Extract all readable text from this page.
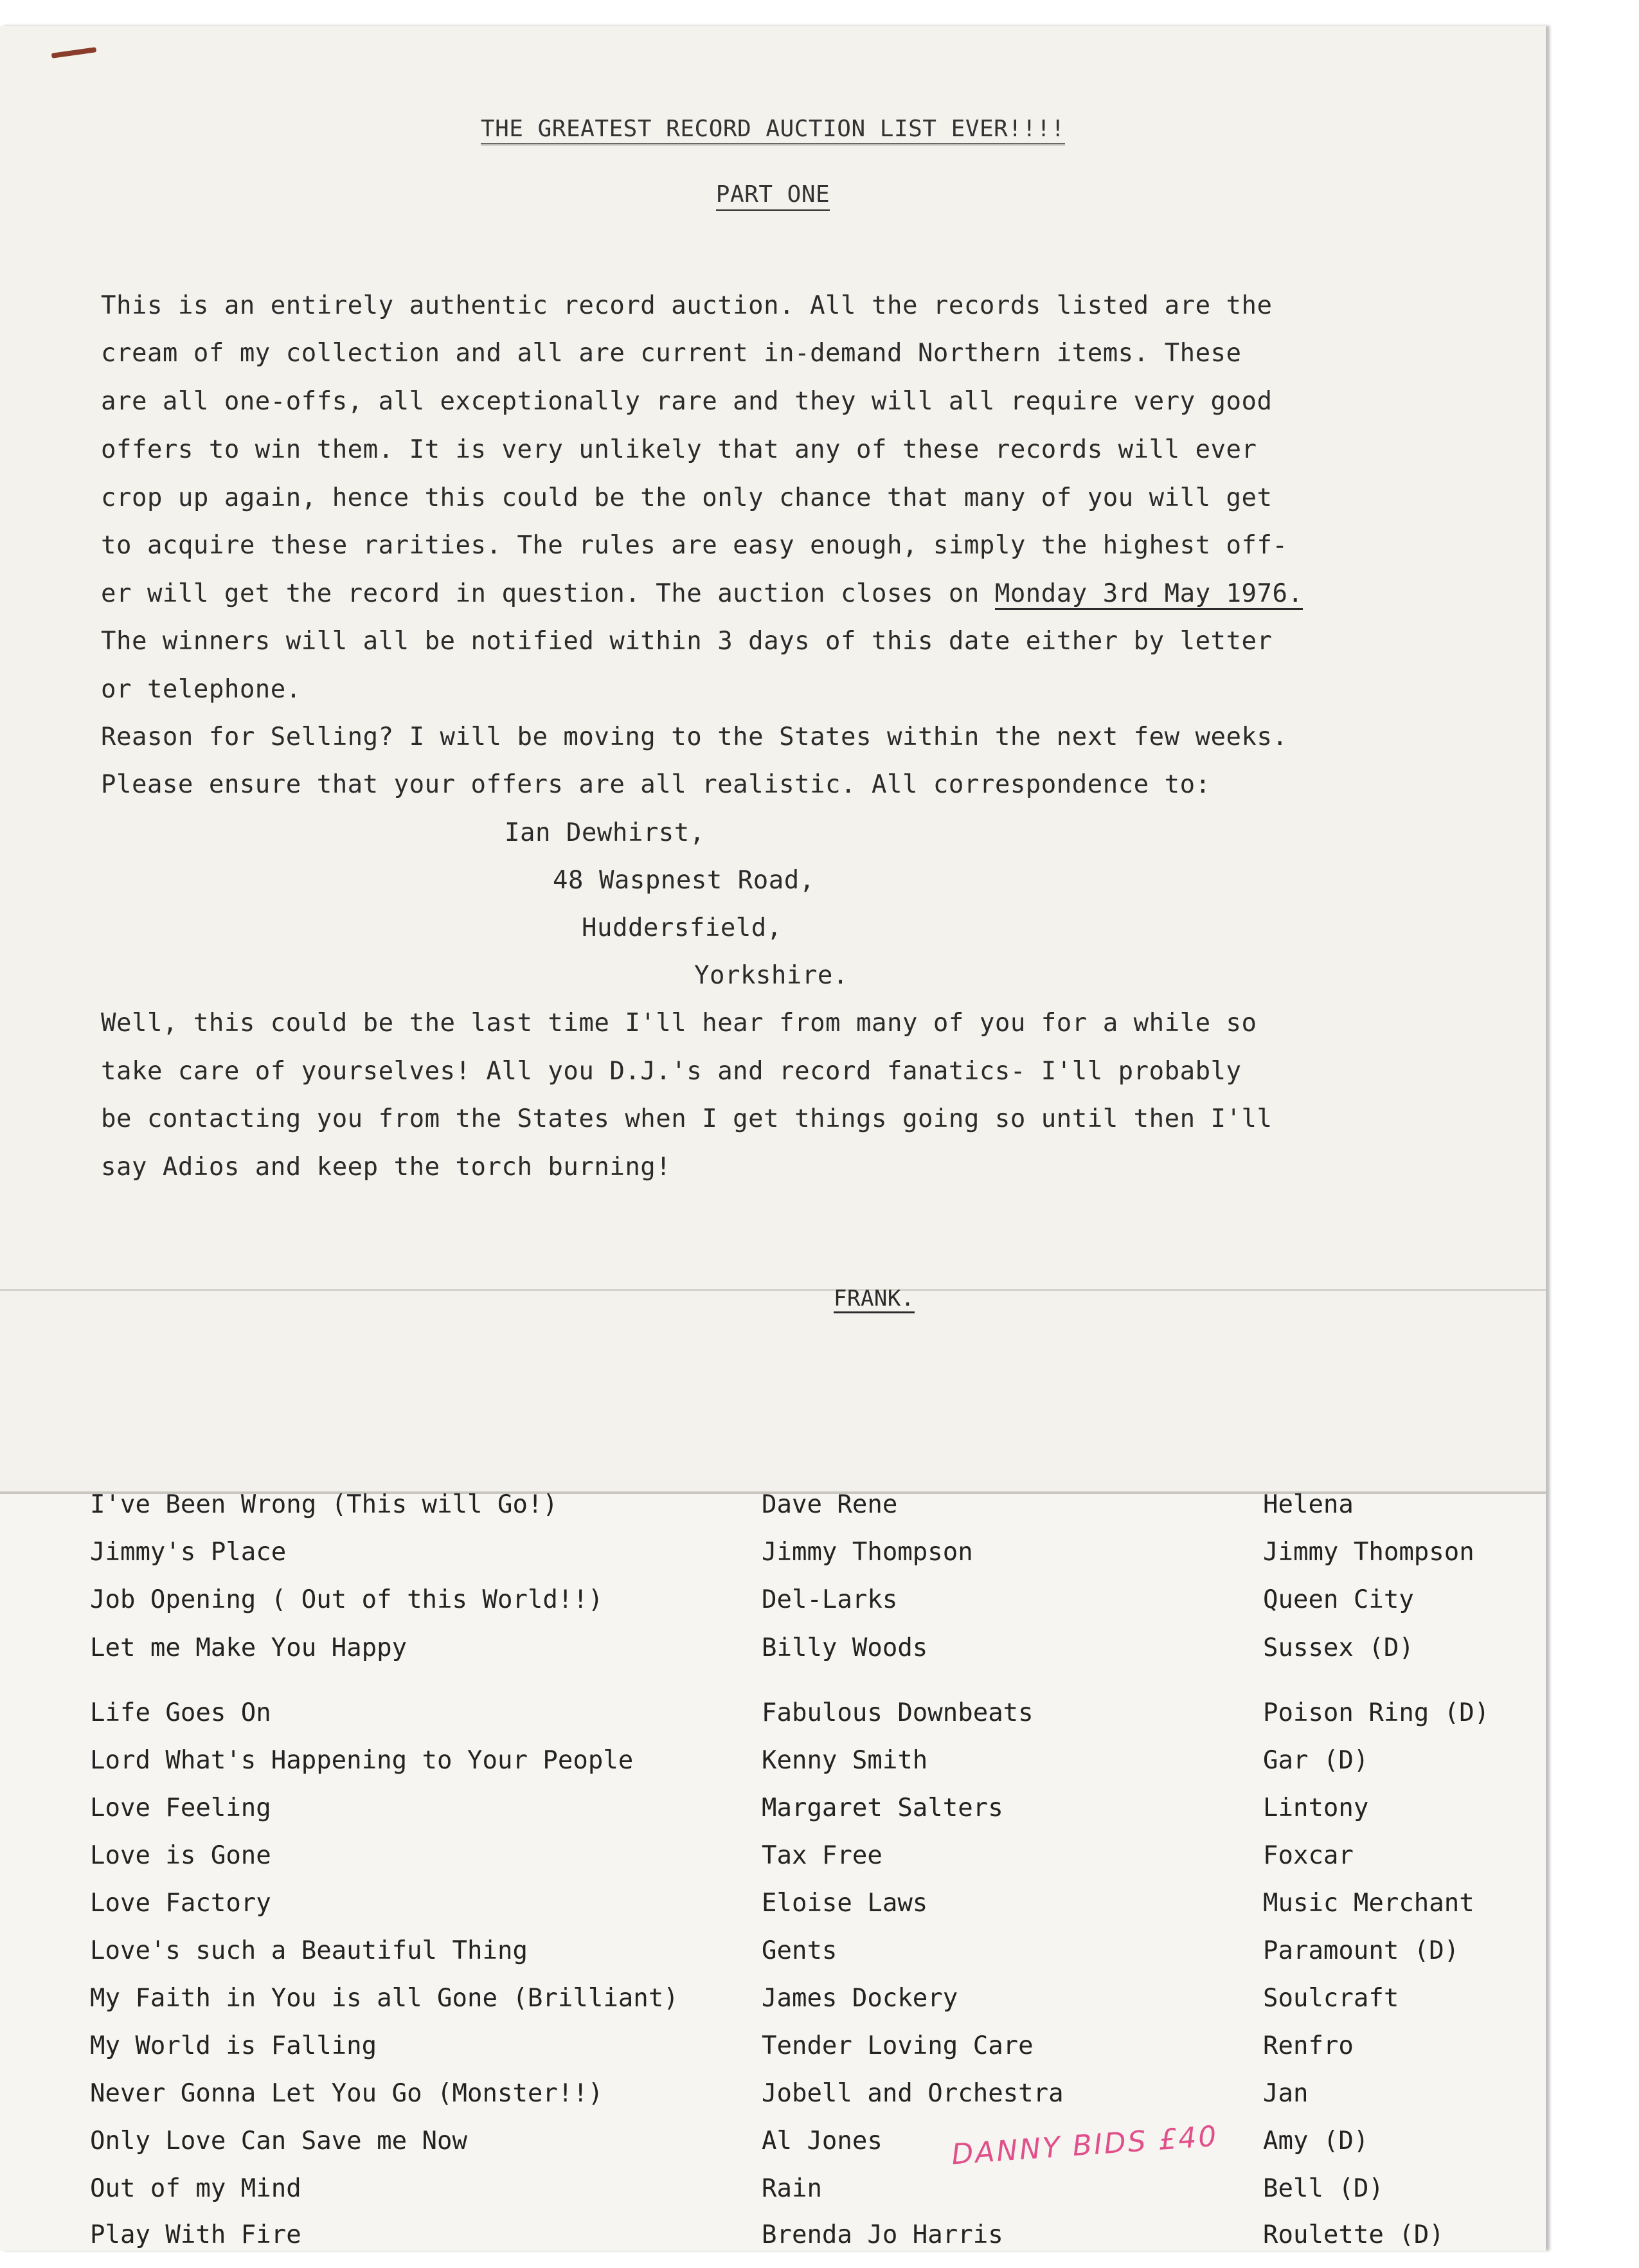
THE GREATEST RECORD AUCTION LIST EVER!!!!
PART ONE
This is an entirely authentic record auction. All the records listed are the
cream of my collection and all are current in-demand Northern items. These
are all one-offs, all exceptionally rare and they will all require very good
offers to win them. It is very unlikely that any of these records will ever
crop up again, hence this could be the only chance that many of you will get
to acquire these rarities. The rules are easy enough, simply the highest off-
er will get the record in question. The auction closes on Monday 3rd May 1976.
The winners will all be notified within 3 days of this date either by letter
or telephone.
Reason for Selling? I will be moving to the States within the next few weeks.
Please ensure that your offers are all realistic. All correspondence to:
Ian Dewhirst,
48 Waspnest Road,
Huddersfield,
Yorkshire.
Well, this could be the last time I'll hear from many of you for a while so
take care of yourselves! All you D.J.'s and record fanatics- I'll probably
be contacting you from the States when I get things going so until then I'll
say Adios and keep the torch burning!
FRANK.
I've Been Wrong (This will Go!)	Dave Rene	Helena
Jimmy's Place	Jimmy Thompson	Jimmy Thompson
Job Opening ( Out of this World!!)	Del-Larks	Queen City
Let me Make You Happy	Billy Woods	Sussex (D)
Life Goes On	Fabulous Downbeats	Poison Ring (D)
Lord What's Happening to Your People	Kenny Smith	Gar (D)
Love Feeling	Margaret Salters	Lintony
Love is Gone	Tax Free	Foxcar
Love Factory	Eloise Laws	Music Merchant
Love's such a Beautiful Thing	Gents	Paramount (D)
My Faith in You is all Gone (Brilliant)	James Dockery	Soulcraft
My World is Falling	Tender Loving Care	Renfro
Never Gonna Let You Go (Monster!!)	Jobell and Orchestra	Jan
Only Love Can Save me Now	Al Jones	Amy (D)
Out of my Mind	Rain	Bell (D)
Play With Fire	Brenda Jo Harris	Roulette (D)
DANNY BIDS £40
